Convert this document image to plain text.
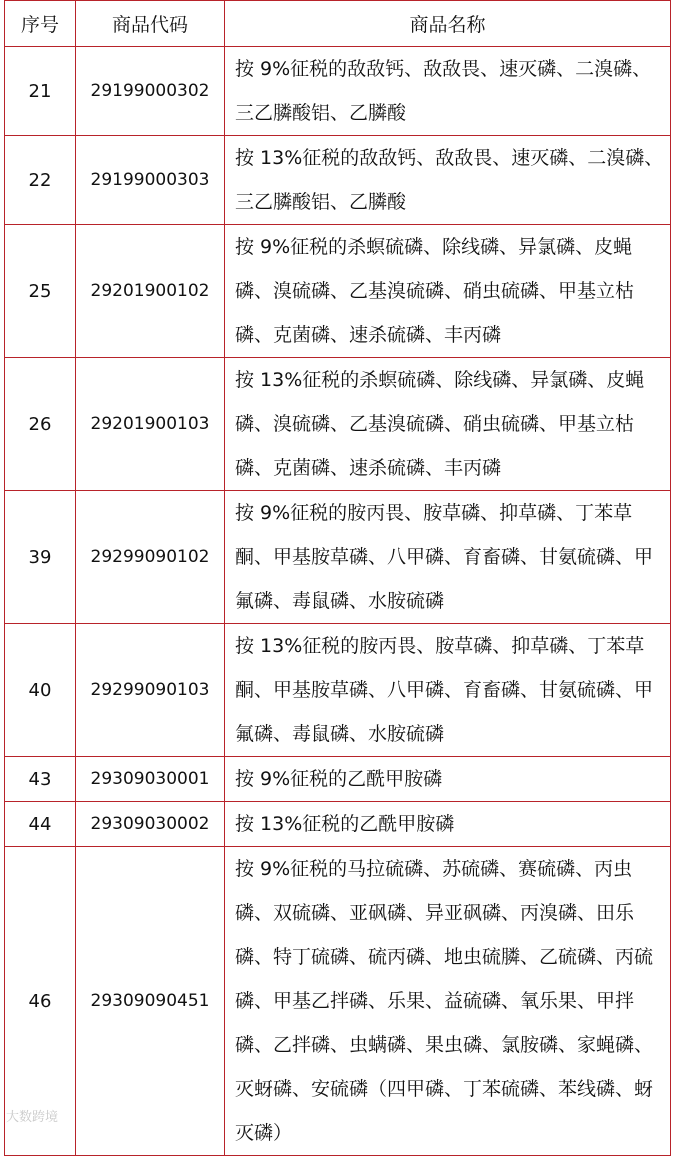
序号	商品代码	商品名称
21	29199000302	按 9%征税的敌敌钙、敌敌畏、速灭磷、二溴磷、三乙膦酸铝、乙膦酸
22	29199000303	按 13%征税的敌敌钙、敌敌畏、速灭磷、二溴磷、三乙膦酸铝、乙膦酸
25	29201900102	按 9%征税的杀螟硫磷、除线磷、异氯磷、皮蝇磷、溴硫磷、乙基溴硫磷、硝虫硫磷、甲基立枯磷、克菌磷、速杀硫磷、丰丙磷
26	29201900103	按 13%征税的杀螟硫磷、除线磷、异氯磷、皮蝇磷、溴硫磷、乙基溴硫磷、硝虫硫磷、甲基立枯磷、克菌磷、速杀硫磷、丰丙磷
39	29299090102	按 9%征税的胺丙畏、胺草磷、抑草磷、丁苯草酮、甲基胺草磷、八甲磷、育畜磷、甘氨硫磷、甲氟磷、毒鼠磷、水胺硫磷
40	29299090103	按 13%征税的胺丙畏、胺草磷、抑草磷、丁苯草酮、甲基胺草磷、八甲磷、育畜磷、甘氨硫磷、甲氟磷、毒鼠磷、水胺硫磷
43	29309030001	按 9%征税的乙酰甲胺磷
44	29309030002	按 13%征税的乙酰甲胺磷
46	29309090451	按 9%征税的马拉硫磷、苏硫磷、赛硫磷、丙虫磷、双硫磷、亚砜磷、异亚砜磷、丙溴磷、田乐磷、特丁硫磷、硫丙磷、地虫硫膦、乙硫磷、丙硫磷、甲基乙拌磷、乐果、益硫磷、氧乐果、甲拌磷、乙拌磷、虫螨磷、果虫磷、氯胺磷、家蝇磷、灭蚜磷、安硫磷（四甲磷、丁苯硫磷、苯线磷、蚜灭磷）
大数跨境
